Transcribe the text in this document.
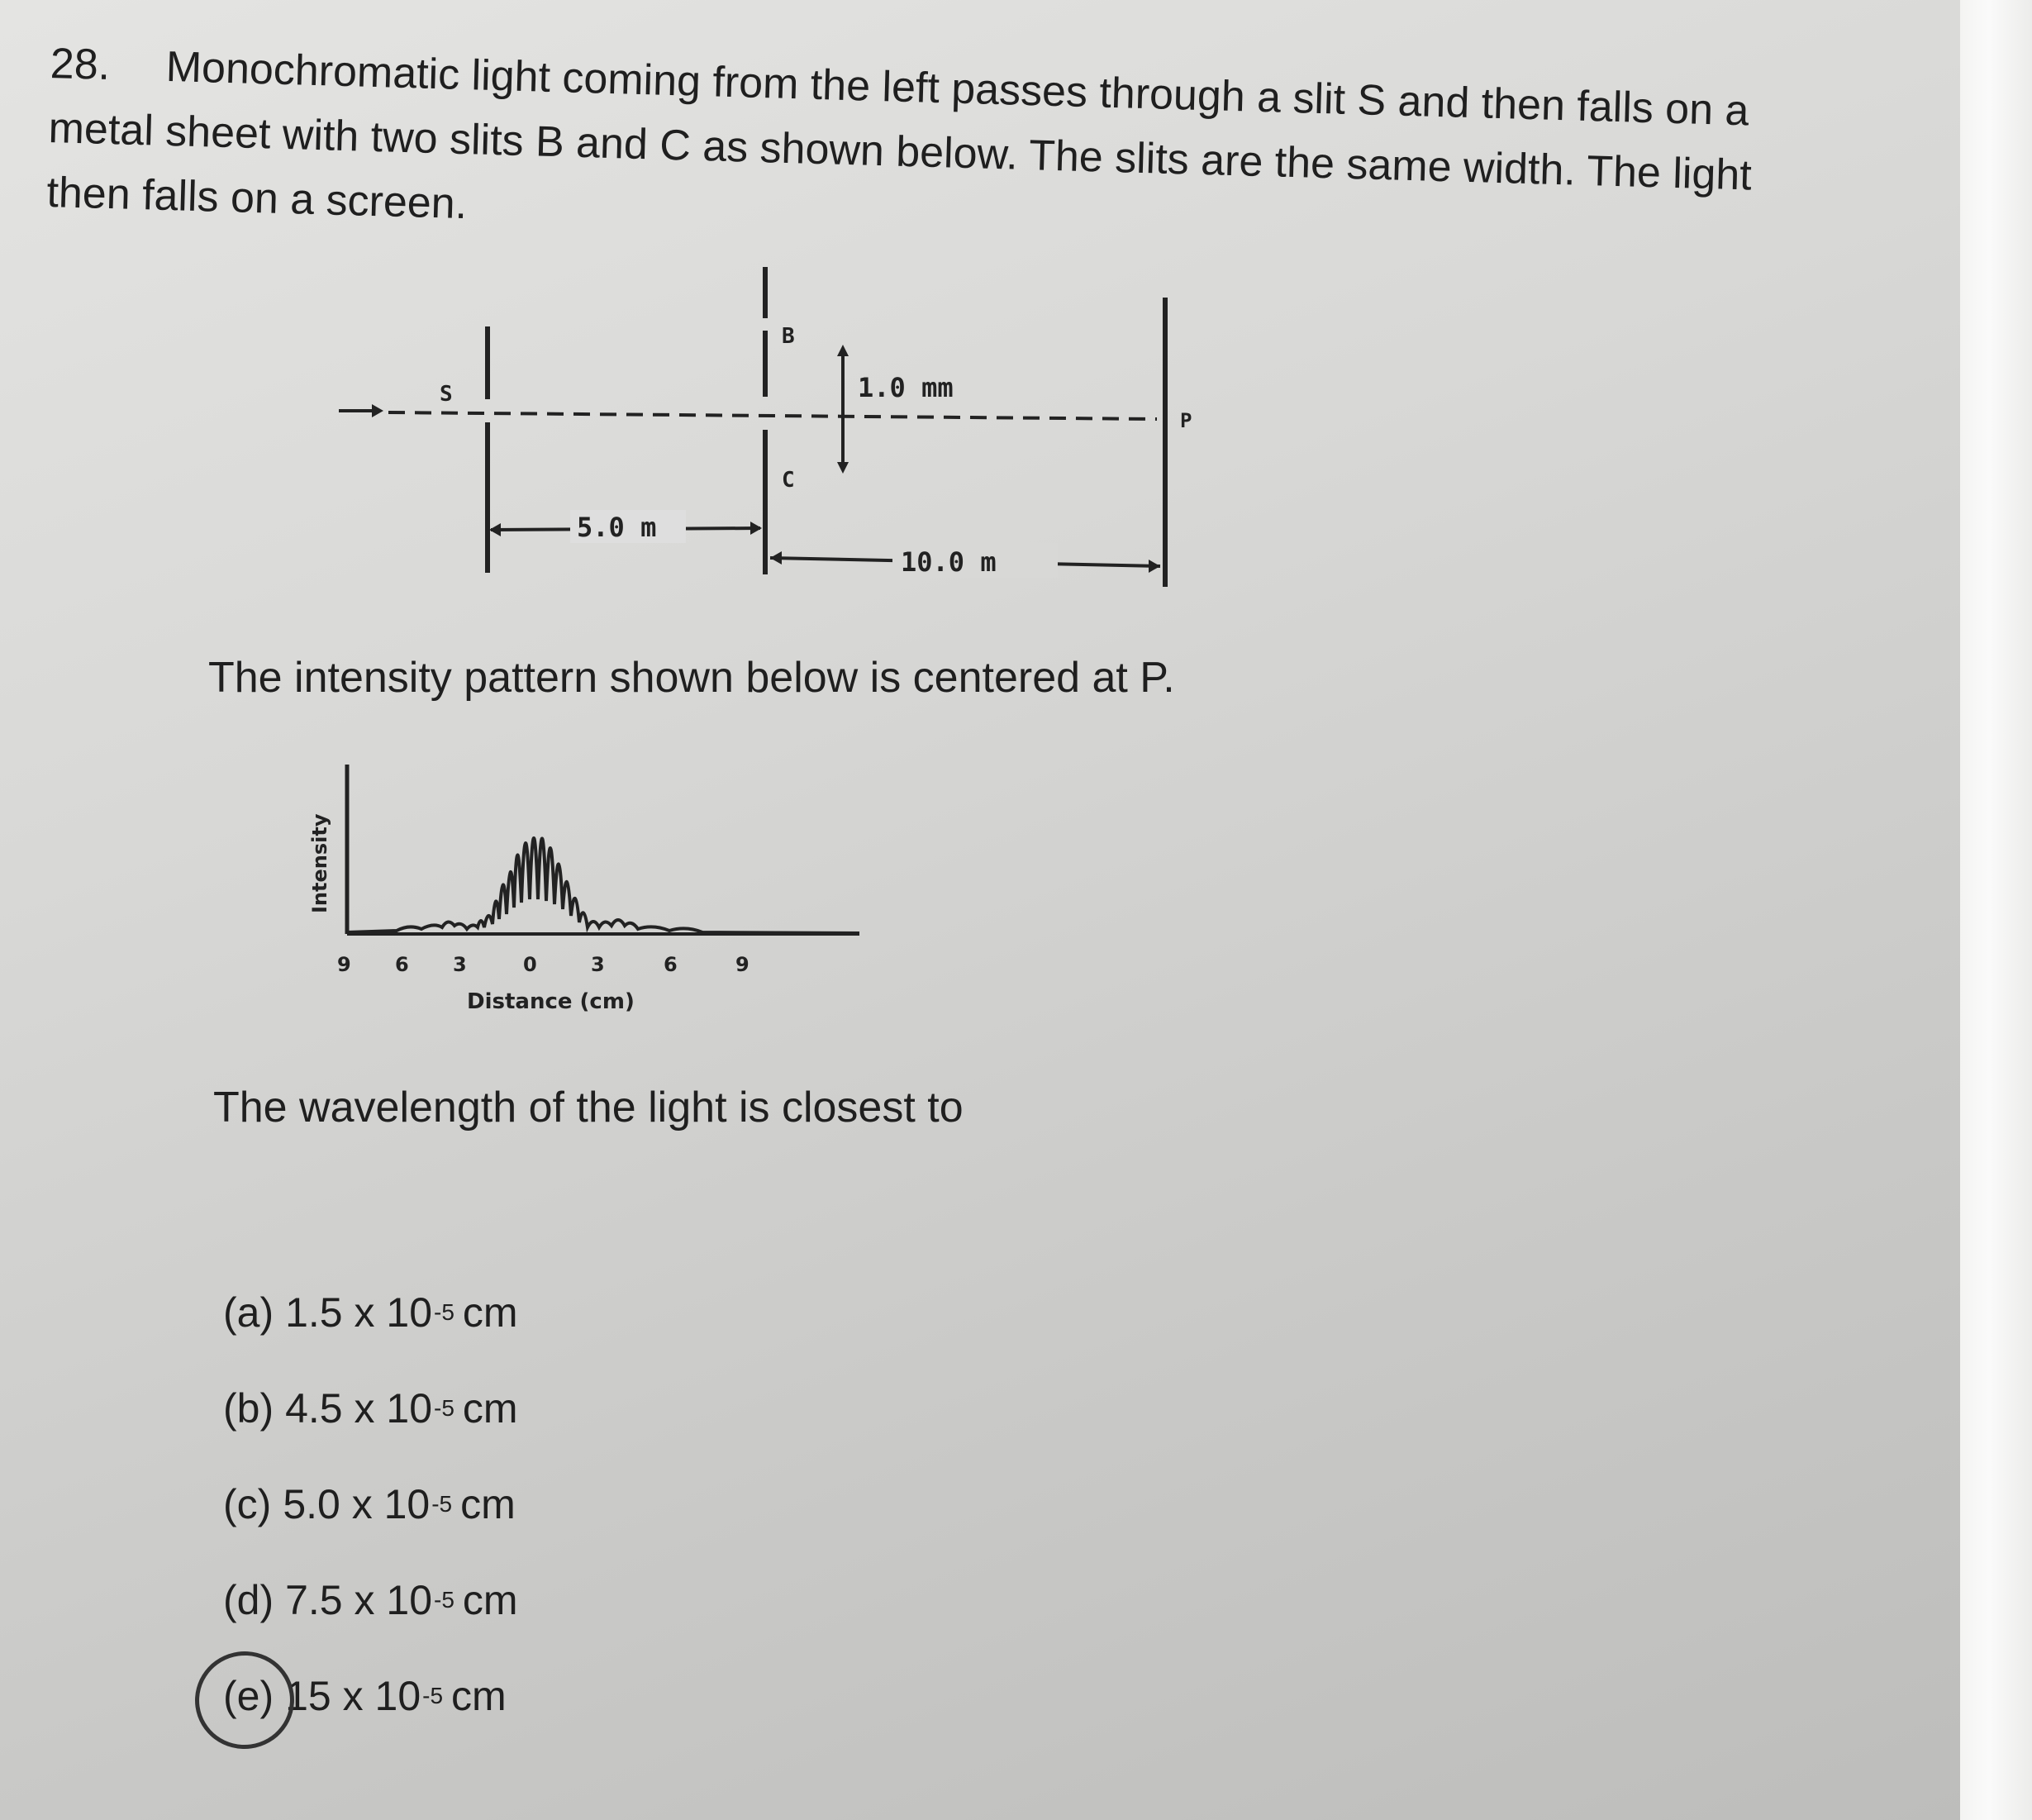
28. Monochromatic light coming from the left passes through a slit S and then falls on a metal sheet with two slits B and C as shown below. The slits are the same width. The light then falls on a screen.
S
B
C
1.0 mm
P
5.0 m
10.0 m
The intensity pattern shown below is centered at P.
Intensity
9 6 3	0	3	6	9
Distance (cm)
The wavelength of the light is closest to
(a) 1.5 x 10 -5 cm
(b) 4.5 x 10 -5 cm
(c) 5.0 x 10 -5 cm
(d) 7.5 x 10 -5 cm
(e) 15 x 10 -5 cm
